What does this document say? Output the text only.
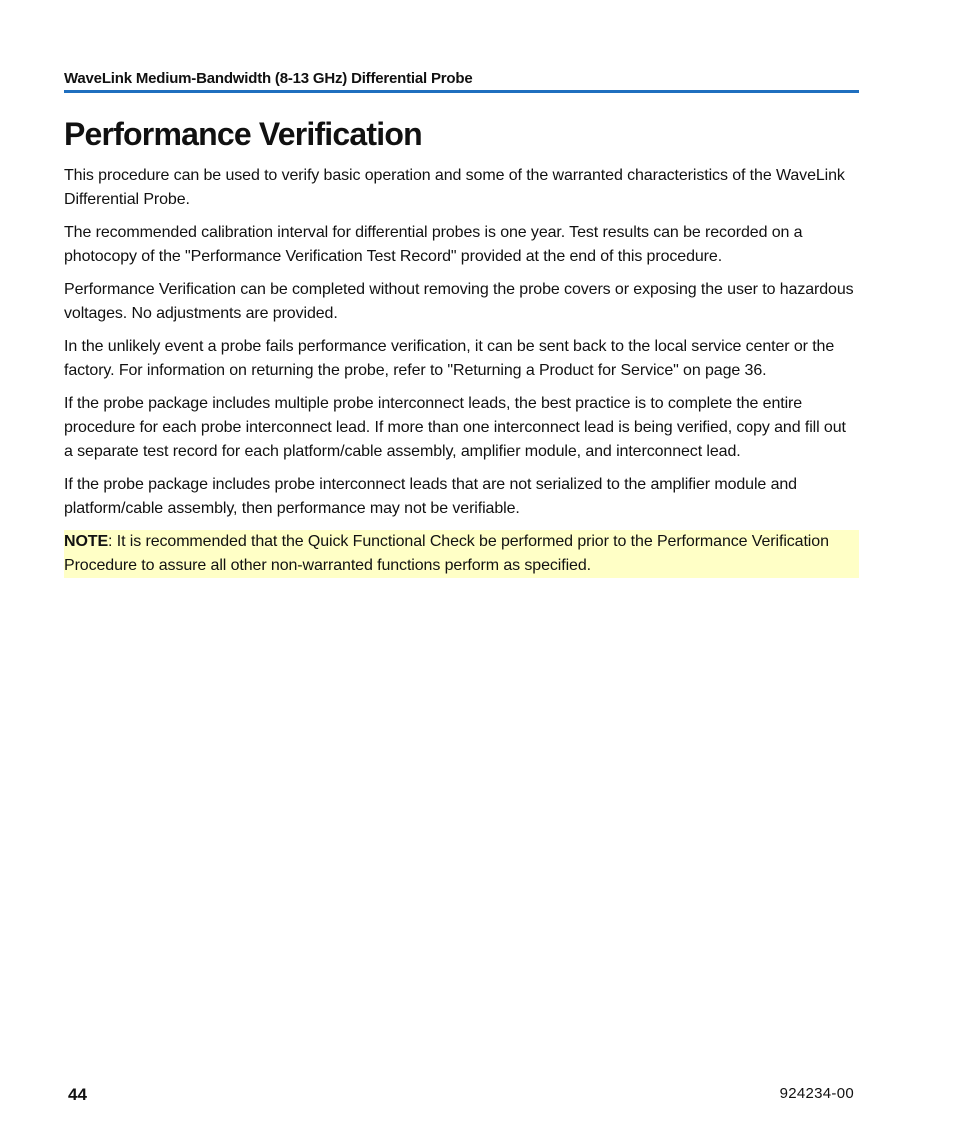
WaveLink Medium-Bandwidth (8-13 GHz) Differential Probe
Performance Verification

This procedure can be used to verify basic operation and some of the warranted characteristics of the WaveLink Differential Probe.

The recommended calibration interval for differential probes is one year. Test results can be recorded on a photocopy of the "Performance Verification Test Record" provided at the end of this procedure.

Performance Verification can be completed without removing the probe covers or exposing the user to hazardous voltages. No adjustments are provided.

In the unlikely event a probe fails performance verification, it can be sent back to the local service center or the factory. For information on returning the probe, refer to "Returning a Product for Service" on page 36.

If the probe package includes multiple probe interconnect leads, the best practice is to complete the entire procedure for each probe interconnect lead. If more than one interconnect lead is being verified, copy and fill out a separate test record for each platform/cable assembly, amplifier module, and interconnect lead.

If the probe package includes probe interconnect leads that are not serialized to the amplifier module and platform/cable assembly, then performance may not be verifiable.

NOTE: It is recommended that the Quick Functional Check be performed prior to the Performance Verification Procedure to assure all other non-warranted functions perform as specified.

44	924234-00
